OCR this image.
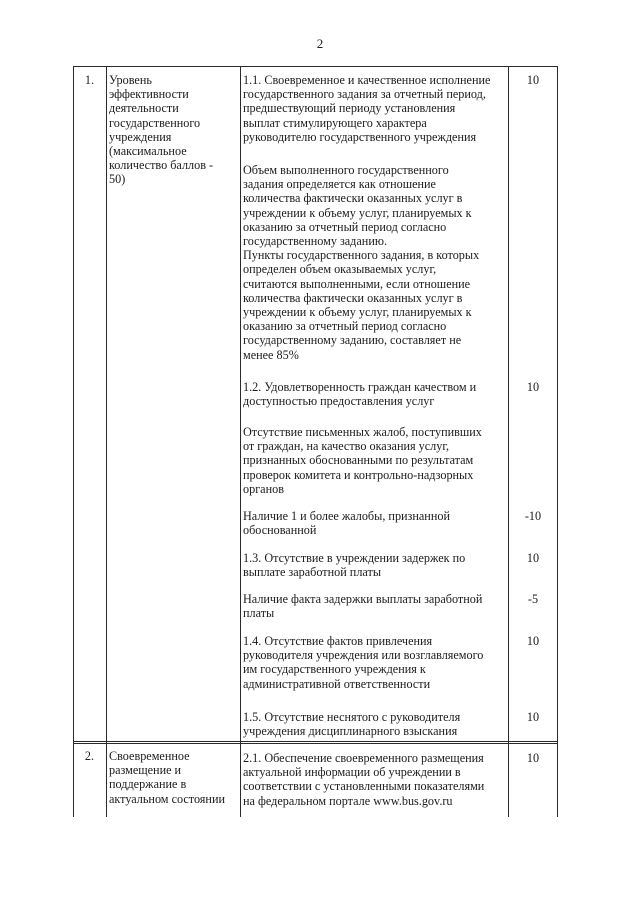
2
1.	Уровень
эффективности
деятельности
государственного
учреждения
(максимальное
количество баллов -
50)
1.1. Своевременное и качественное исполнение
государственного задания за отчетный период,
предшествующий периоду установления
выплат стимулирующего характера
руководителю государственного учреждения
10
Объем выполненного государственного
задания определяется как отношение
количества фактически оказанных услуг в
учреждении к объему услуг, планируемых к
оказанию за отчетный период согласно
государственному заданию.
Пункты государственного задания, в которых
определен объем оказываемых услуг,
считаются выполненными, если отношение
количества фактически оказанных услуг в
учреждении к объему услуг, планируемых к
оказанию за отчетный период согласно
государственному заданию, составляет не
менее 85%
1.2. Удовлетворенность граждан качеством и
доступностью предоставления услуг
10
Отсутствие письменных жалоб, поступивших
от граждан, на качество оказания услуг,
признанных обоснованными по результатам
проверок комитета и контрольно-надзорных
органов
Наличие 1 и более жалобы, признанной
обоснованной
-10
1.3. Отсутствие в учреждении задержек по
выплате заработной платы
10
Наличие факта задержки выплаты заработной
платы
-5
1.4. Отсутствие фактов привлечения
руководителя учреждения или возглавляемого
им государственного учреждения к
административной ответственности
10
1.5. Отсутствие неснятого с руководителя
учреждения дисциплинарного взыскания
10
2.	Своевременное
размещение и
поддержание в
актуальном состоянии
2.1. Обеспечение своевременного размещения
актуальной информации об учреждении в
соответствии с установленными показателями
на федеральном портале www.bus.gov.ru
10
